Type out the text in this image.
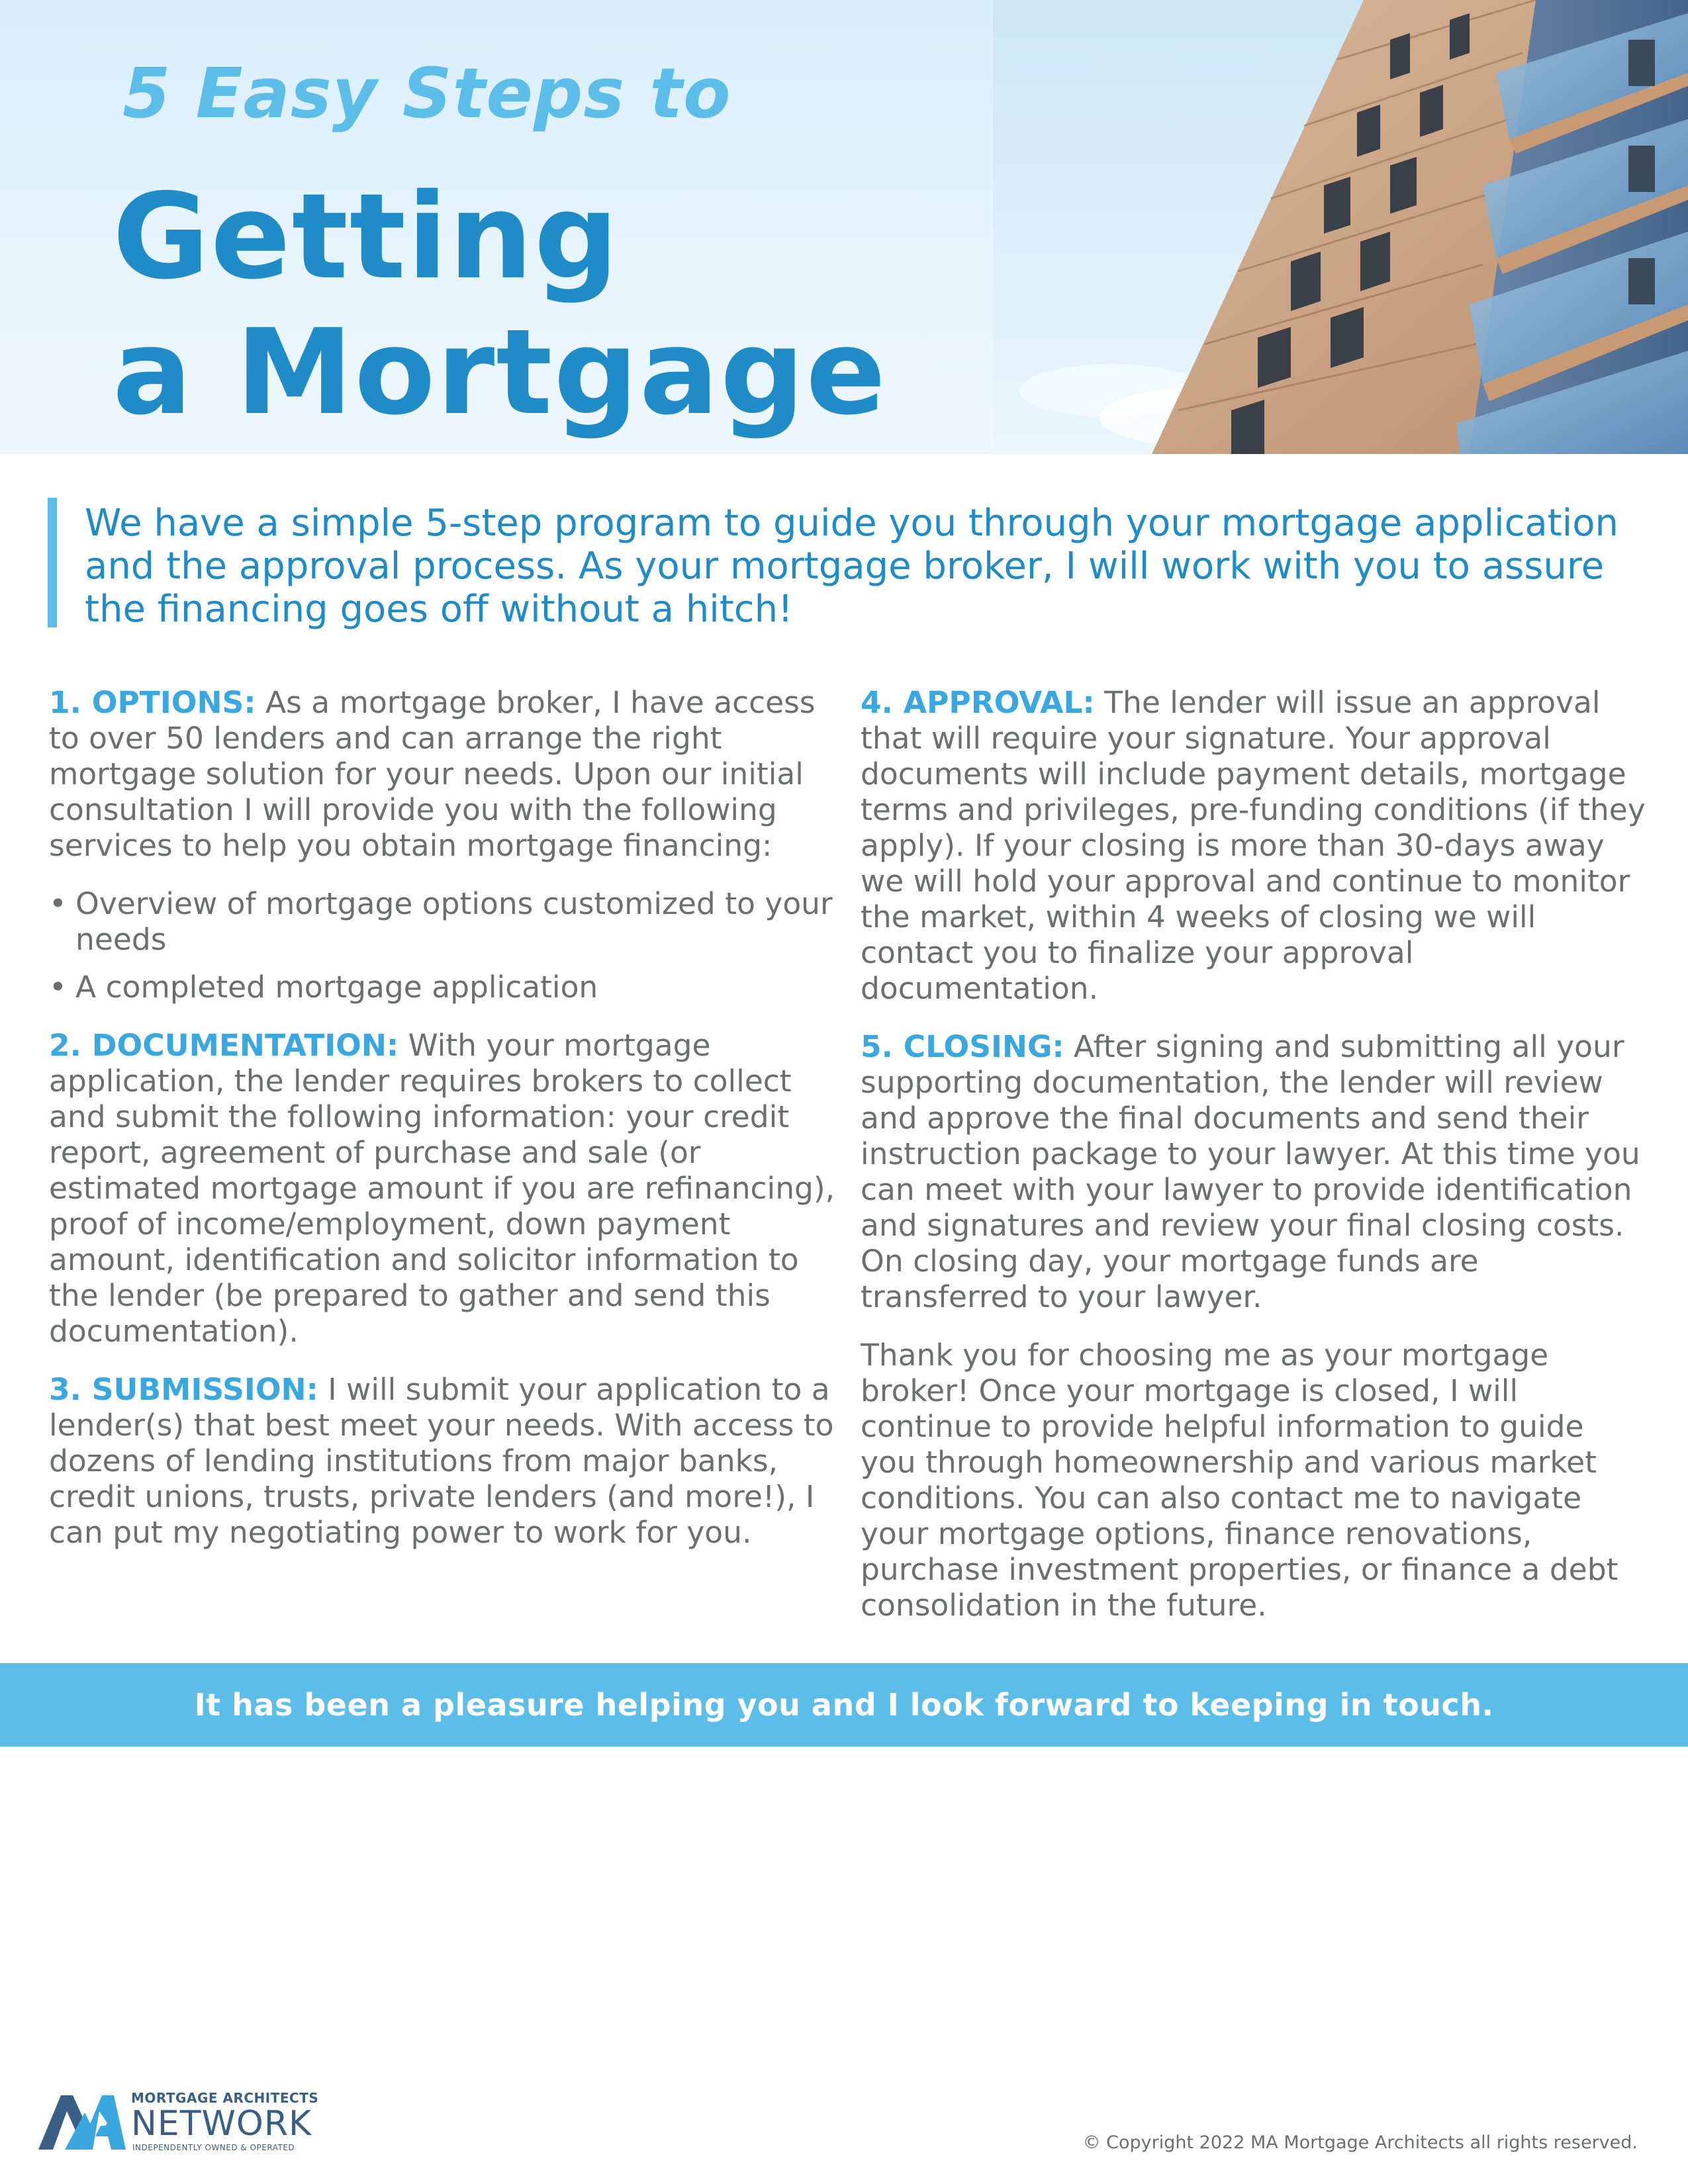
5 Easy Steps to
Getting
a Mortgage

We have a simple 5-step program to guide you through your mortgage application and the approval process. As your mortgage broker, I will work with you to assure the financing goes off without a hitch!

1. OPTIONS: As a mortgage broker, I have access to over 50 lenders and can arrange the right mortgage solution for your needs. Upon our initial consultation I will provide you with the following services to help you obtain mortgage financing:

• Overview of mortgage options customized to your needs
• A completed mortgage application

2. DOCUMENTATION: With your mortgage application, the lender requires brokers to collect and submit the following information: your credit report, agreement of purchase and sale (or estimated mortgage amount if you are refinancing), proof of income/employment, down payment amount, identification and solicitor information to the lender (be prepared to gather and send this documentation).

3. SUBMISSION: I will submit your application to a lender(s) that best meet your needs. With access to dozens of lending institutions from major banks, credit unions, trusts, private lenders (and more!), I can put my negotiating power to work for you.

4. APPROVAL: The lender will issue an approval that will require your signature. Your approval documents will include payment details, mortgage terms and privileges, pre-funding conditions (if they apply). If your closing is more than 30-days away we will hold your approval and continue to monitor the market, within 4 weeks of closing we will contact you to finalize your approval documentation.

5. CLOSING: After signing and submitting all your supporting documentation, the lender will review and approve the final documents and send their instruction package to your lawyer. At this time you can meet with your lawyer to provide identification and signatures and review your final closing costs. On closing day, your mortgage funds are transferred to your lawyer.

Thank you for choosing me as your mortgage broker! Once your mortgage is closed, I will continue to provide helpful information to guide you through homeownership and various market conditions. You can also contact me to navigate your mortgage options, finance renovations, purchase investment properties, or finance a debt consolidation in the future.

It has been a pleasure helping you and I look forward to keeping in touch.
MORTGAGE ARCHITECTS
NETWORK
INDEPENDENTLY OWNED & OPERATED	© Copyright 2022 MA Mortgage Architects all rights reserved.
